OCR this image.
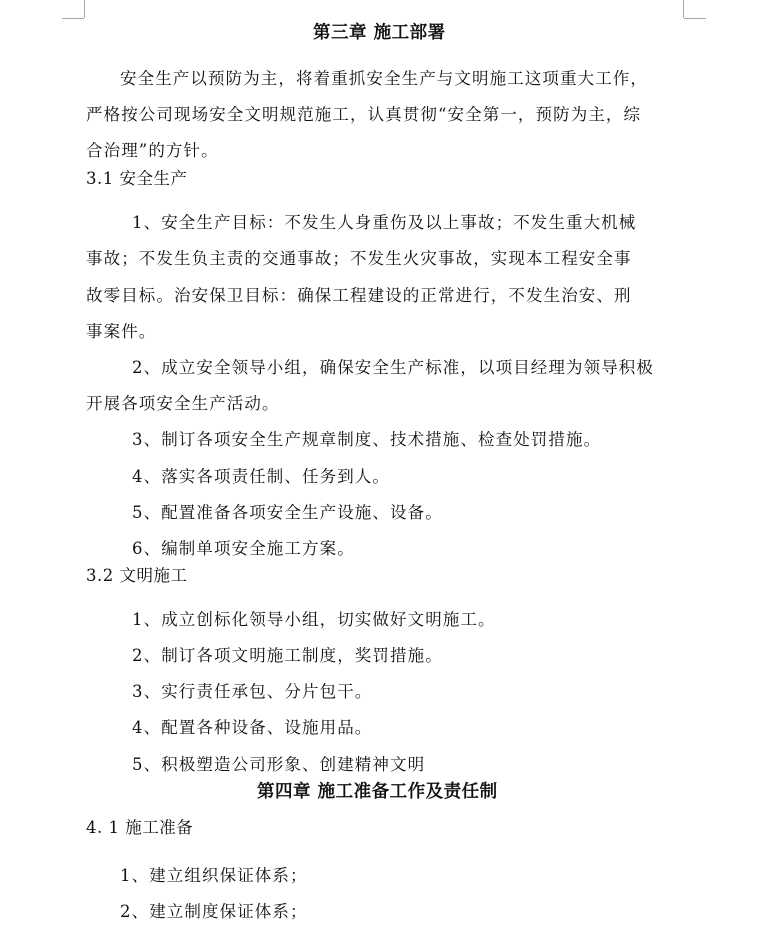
第三章 施工部署
安全生产以预防为主，将着重抓安全生产与文明施工这项重大工作，
严格按公司现场安全文明规范施工，认真贯彻“安全第一，预防为主，综
合治理”的方针。
3.1 安全生产
1、安全生产目标：不发生人身重伤及以上事故；不发生重大机械
事故；不发生负主责的交通事故；不发生火灾事故，实现本工程安全事
故零目标。治安保卫目标：确保工程建设的正常进行，不发生治安、刑
事案件。
2、成立安全领导小组，确保安全生产标准，以项目经理为领导积极
开展各项安全生产活动。
3、制订各项安全生产规章制度、技术措施、检查处罚措施。
4、落实各项责任制、任务到人。
5、配置准备各项安全生产设施、设备。
6、编制单项安全施工方案。
3.2 文明施工
1、成立创标化领导小组，切实做好文明施工。
2、制订各项文明施工制度，奖罚措施。
3、实行责任承包、分片包干。
4、配置各种设备、设施用品。
5、积极塑造公司形象、创建精神文明
第四章 施工准备工作及责任制
4. 1 施工准备
1、建立组织保证体系；
2、建立制度保证体系；
